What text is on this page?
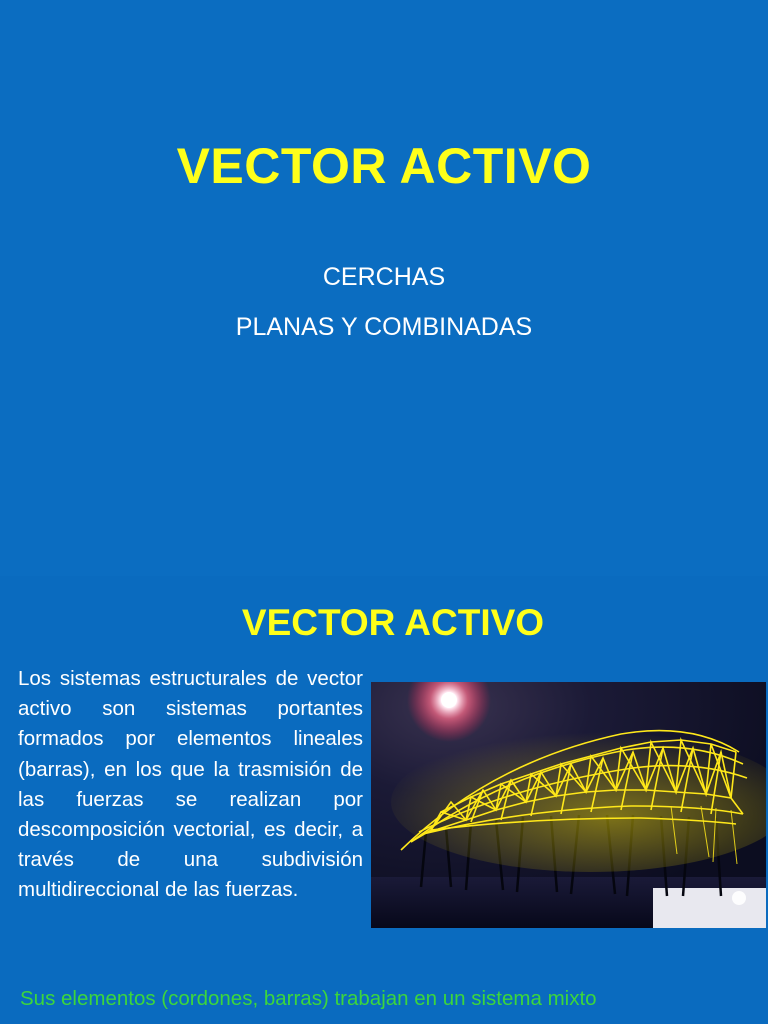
VECTOR ACTIVO
CERCHAS
PLANAS Y COMBINADAS
VECTOR ACTIVO
Los sistemas estructurales de vector activo son sistemas portantes formados por elementos lineales (barras), en los que la trasmisión de las fuerzas se realizan por descomposición vectorial, es decir, a través de una subdivisión multidireccional de las fuerzas.
Sus elementos (cordones, barras) trabajan en un sistema mixto
